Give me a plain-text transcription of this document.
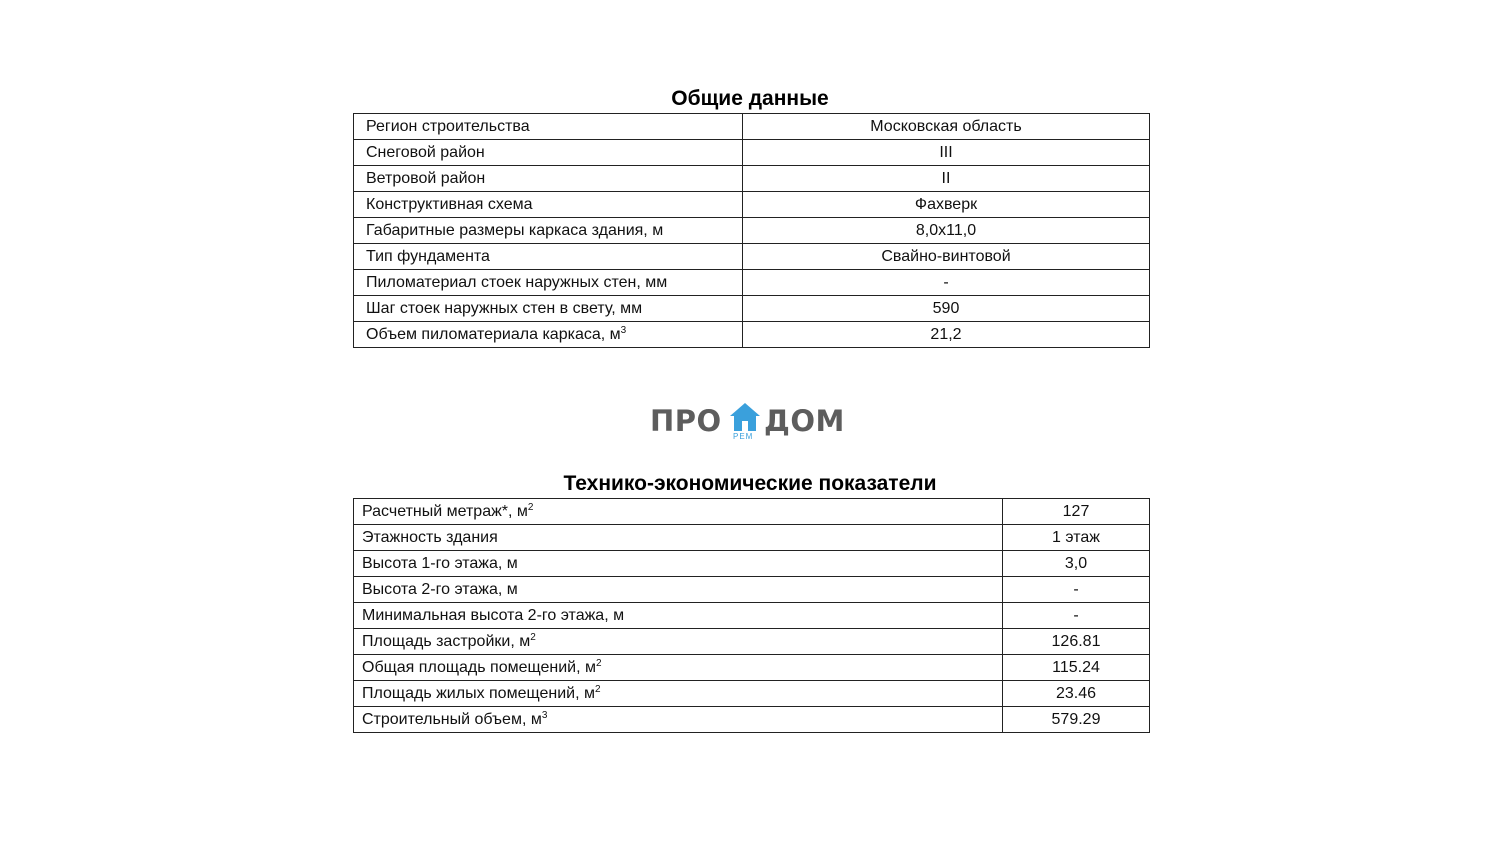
Общие данные
Регион строительства	Московская область
Снеговой район	III
Ветровой район	II
Конструктивная схема	Фахверк
Габаритные размеры каркаса здания, м	8,0х11,0
Тип фундамента	Свайно-винтовой
Пиломатериал стоек наружных стен, мм	-
Шаг стоек наружных стен в свету, мм	590
Объем пиломатериала каркаса, $м^3$	21,2
ПРО РЕМ ДОМ
Технико-экономические показатели
Расчетный метраж*, $м^2$	127
Этажность здания	1 этаж
Высота 1-го этажа, м	3,0
Высота 2-го этажа, м	-
Минимальная высота 2-го этажа, м	-
Площадь застройки, $м^2$	126.81
Общая площадь помещений, $м^2$	115.24
Площадь жилых помещений, $м^2$	23.46
Строительный объем, $м^3$	579.29
